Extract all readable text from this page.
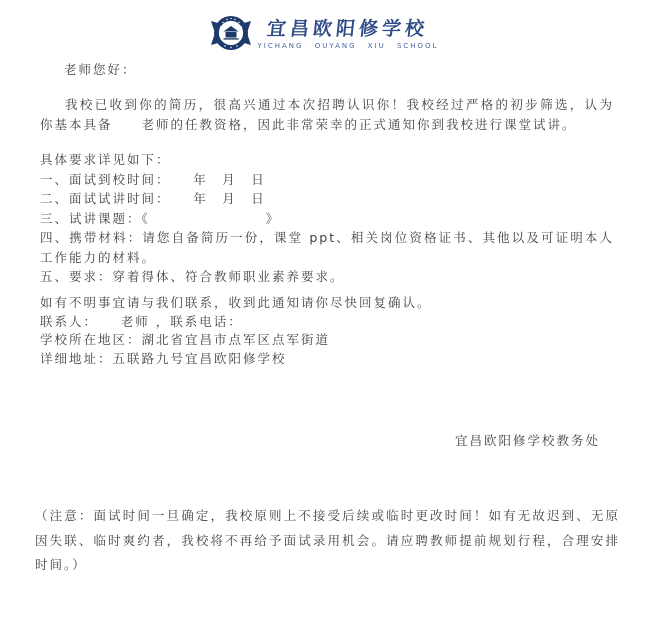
宜昌欧阳修学校
YICHANG OUYANG XIU SCHOOL
老师您好：
我校已收到你的简历，很高兴通过本次招聘认识你！我校经过严格的初步筛选，认为你基本具备　　老师的任教资格，因此非常荣幸的正式通知你到我校进行课堂试讲。

具体要求详见如下：

一、面试到校时间：　　年　月　日

二、面试试讲时间：　　年　月　日

三、试讲课题：《　　　　　　　　》

四、携带材料：请您自备简历一份，课堂 ppt、相关岗位资格证书、其他以及可证明本人工作能力的材料。

五、要求：穿着得体、符合教师职业素养要求。

如有不明事宜请与我们联系，收到此通知请你尽快回复确认。

联系人：　　老师 ，联系电话：

学校所在地区：湖北省宜昌市点军区点军街道

详细地址：五联路九号宜昌欧阳修学校

宜昌欧阳修学校教务处
（注意：面试时间一旦确定，我校原则上不接受后续或临时更改时间！如有无故迟到、无原因失联、临时爽约者，我校将不再给予面试录用机会。请应聘教师提前规划行程，合理安排时间。）
